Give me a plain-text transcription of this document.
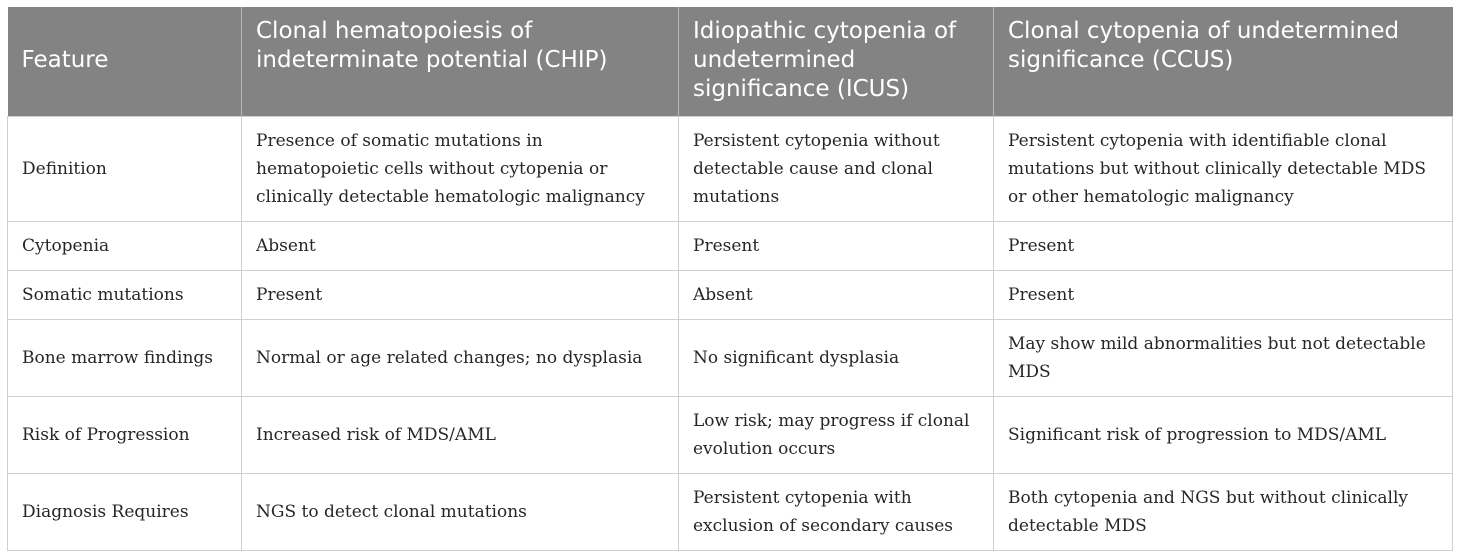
Feature	Clonal hematopoiesis of indeterminate potential (CHIP)	Idiopathic cytopenia of undetermined significance (ICUS)	Clonal cytopenia of undetermined significance (CCUS)
Definition	Presence of somatic mutations in hematopoietic cells without cytopenia or clinically detectable hematologic malignancy	Persistent cytopenia without detectable cause and clonal mutations	Persistent cytopenia with identifiable clonal mutations but without clinically detectable MDS or other hematologic malignancy
Cytopenia	Absent	Present	Present
Somatic mutations	Present	Absent	Present
Bone marrow findings	Normal or age related changes; no dysplasia	No significant dysplasia	May show mild abnormalities but not detectable MDS
Risk of Progression	Increased risk of MDS/AML	Low risk; may progress if clonal evolution occurs	Significant risk of progression to MDS/AML
Diagnosis Requires	NGS to detect clonal mutations	Persistent cytopenia with exclusion of secondary causes	Both cytopenia and NGS but without clinically detectable MDS
